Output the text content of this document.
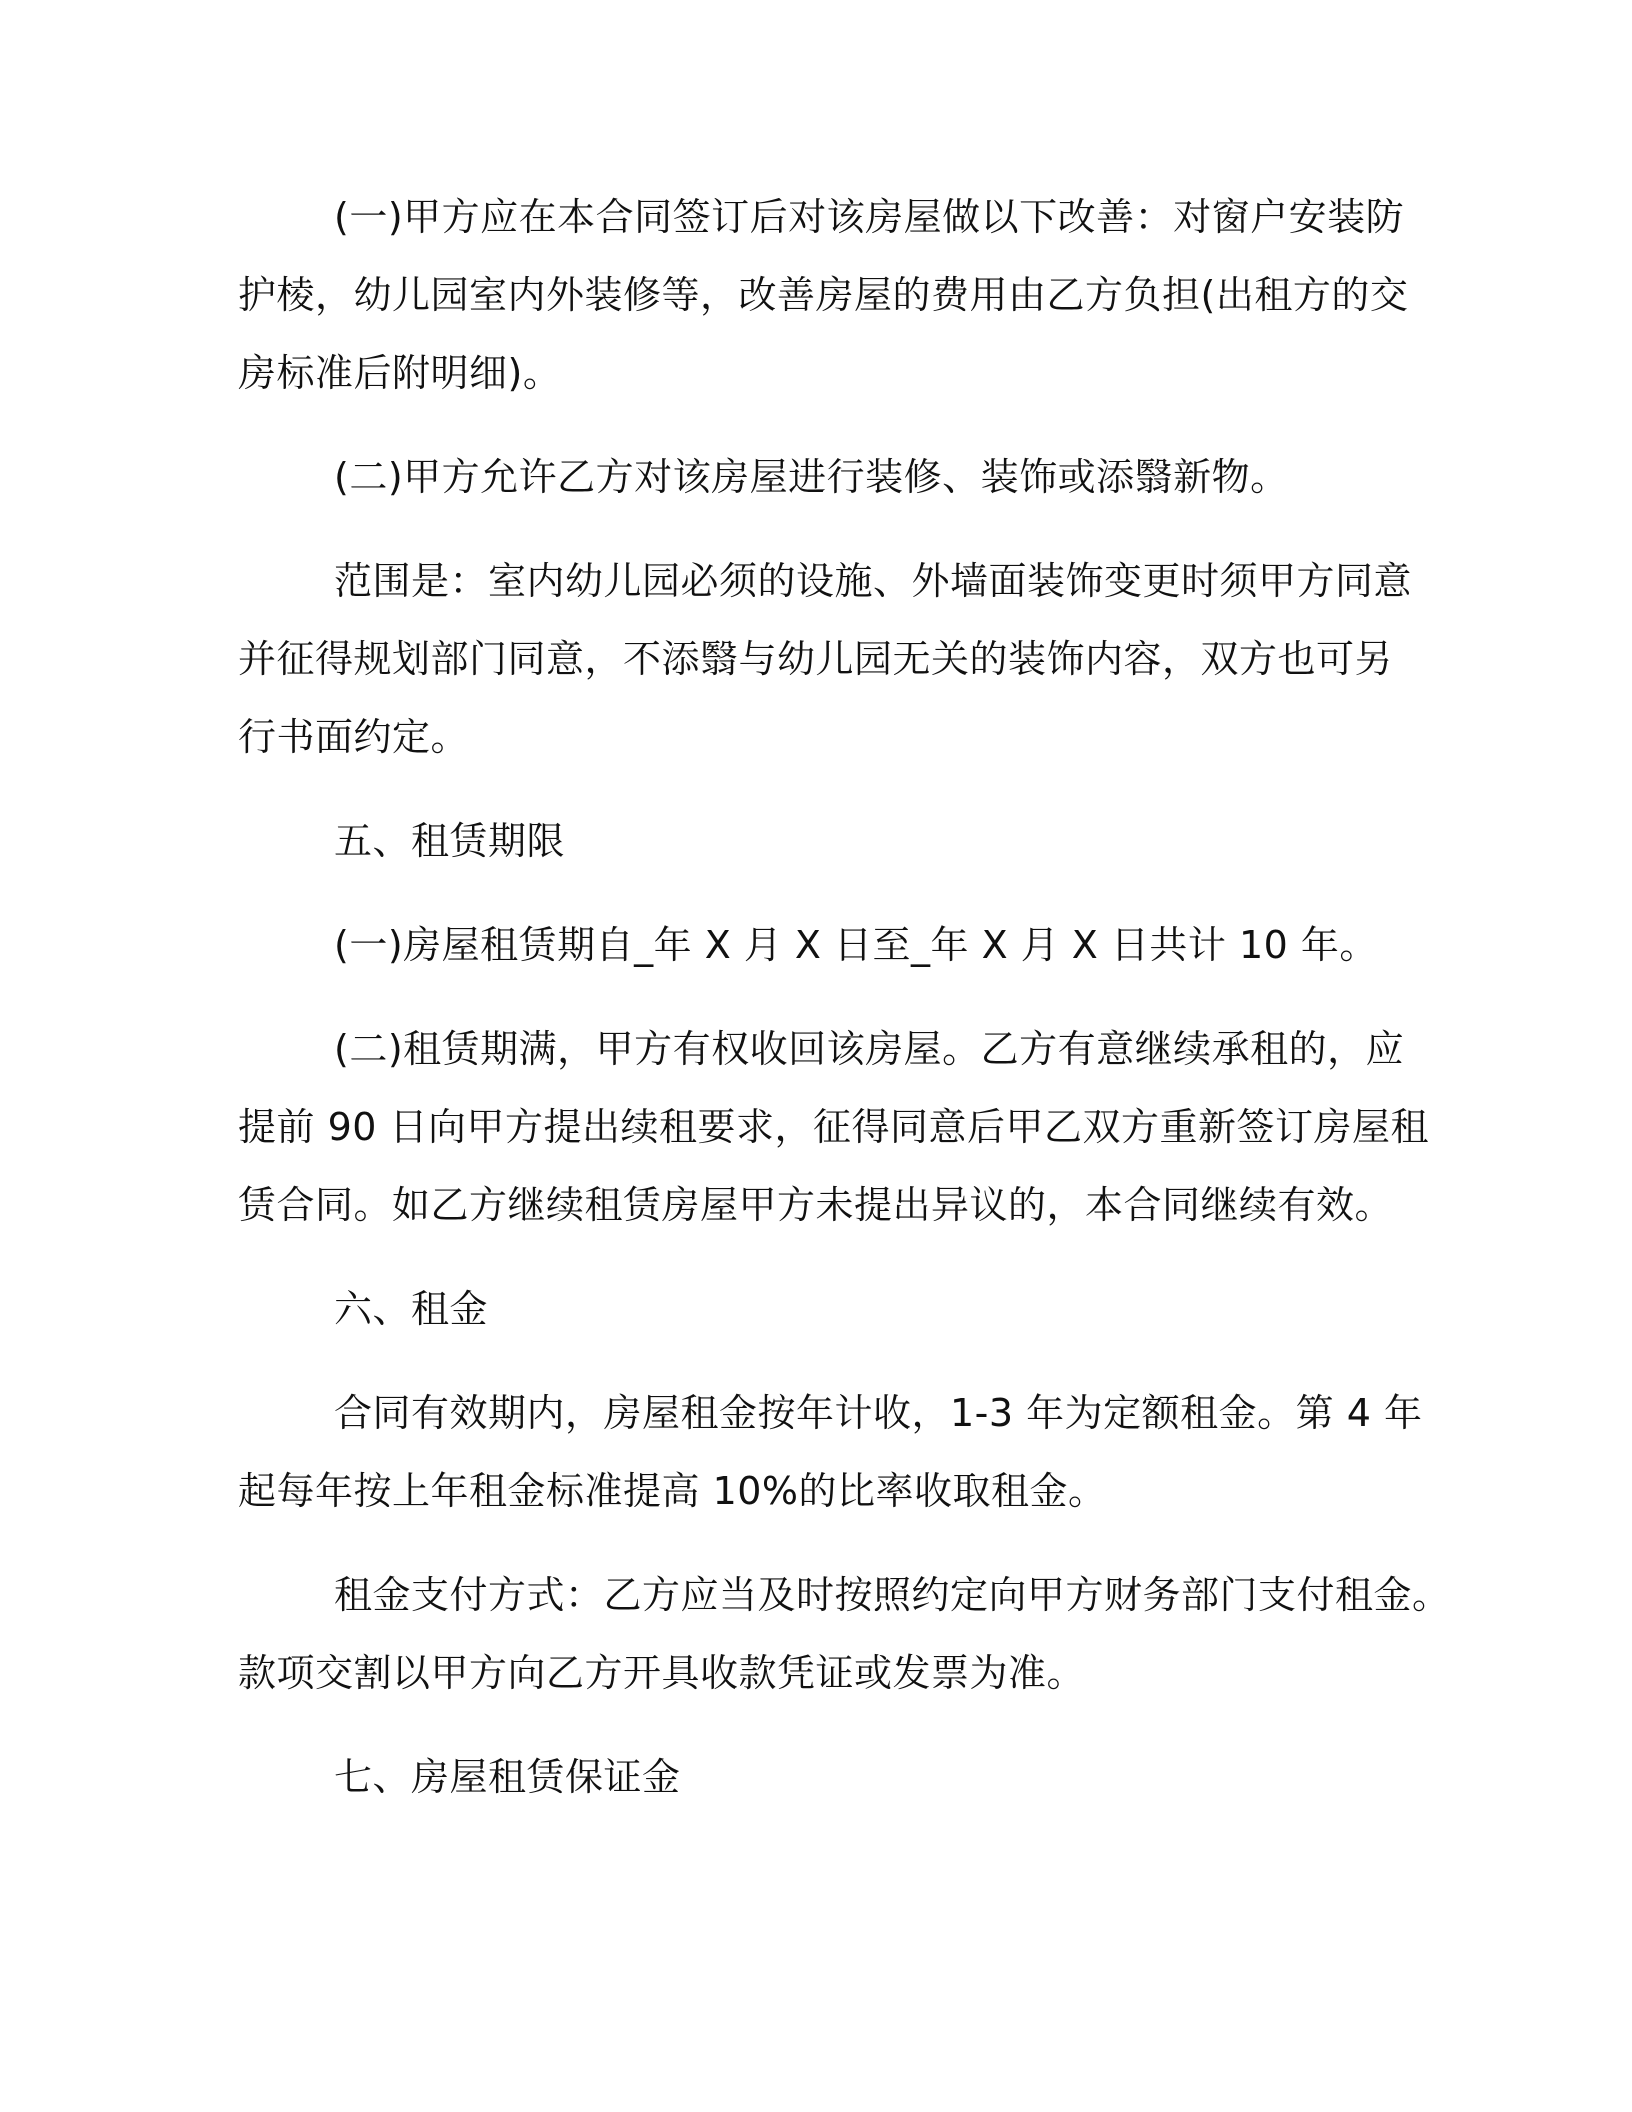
(一)甲方应在本合同签订后对该房屋做以下改善：对窗户安装防
护棱，幼儿园室内外装修等，改善房屋的费用由乙方负担(出租方的交
房标准后附明细)。
(二)甲方允许乙方对该房屋进行装修、装饰或添翳新物。
范围是：室内幼儿园必须的设施、外墙面装饰变更时须甲方同意
并征得规划部门同意，不添翳与幼儿园无关的装饰内容，双方也可另
行书面约定。
五、租赁期限
(一)房屋租赁期自_年 X 月 X 日至_年 X 月 X 日共计 10 年。
(二)租赁期满，甲方有权收回该房屋。乙方有意继续承租的，应
提前 90 日向甲方提出续租要求，征得同意后甲乙双方重新签订房屋租
赁合同。如乙方继续租赁房屋甲方未提出异议的，本合同继续有效。
六、租金
合同有效期内，房屋租金按年计收，1-3 年为定额租金。第 4 年
起每年按上年租金标准提高 10%的比率收取租金。
租金支付方式：乙方应当及时按照约定向甲方财务部门支付租金。
款项交割以甲方向乙方开具收款凭证或发票为准。
七、房屋租赁保证金
